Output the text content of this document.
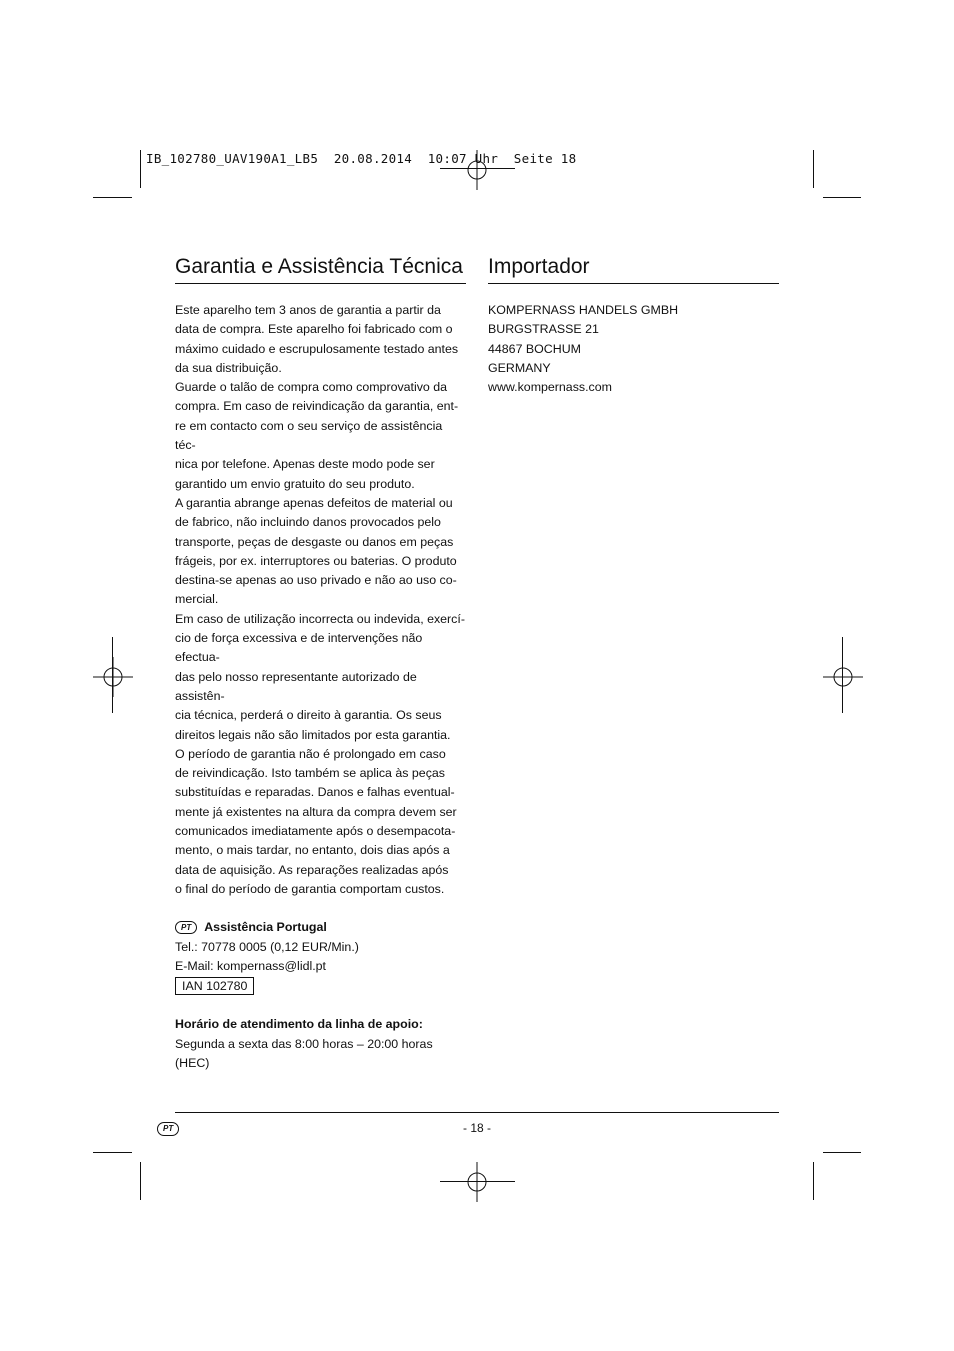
IB_102780_UAV190A1_LB5  20.08.2014  10:07 Uhr  Seite 18
Garantia e Assistência Técnica

Este aparelho tem 3 anos de garantia a partir da

data de compra. Este aparelho foi fabricado com o

máximo cuidado e escrupulosamente testado antes

da sua distribuição.

Guarde o talão de compra como comprovativo da

compra. Em caso de reivindicação da garantia, ent-

re em contacto com o seu serviço de assistência téc-

nica por telefone. Apenas deste modo pode ser

garantido um envio gratuito do seu produto.

A garantia abrange apenas defeitos de material ou

de fabrico, não incluindo danos provocados pelo

transporte, peças de desgaste ou danos em peças

frágeis, por ex. interruptores ou baterias. O produto

destina-se apenas ao uso privado e não ao uso co-

mercial.

Em caso de utilização incorrecta ou indevida, exercí-

cio de força excessiva e de intervenções não efectua-

das pelo nosso representante autorizado de assistên-

cia técnica, perderá o direito à garantia. Os seus

direitos legais não são limitados por esta garantia.

O período de garantia não é prolongado em caso

de reivindicação. Isto também se aplica às peças

substituídas e reparadas. Danos e falhas eventual-

mente já existentes na altura da compra devem ser

comunicados imediatamente após o desempacota-

mento, o mais tardar, no entanto, dois dias após a

data de aquisição. As reparações realizadas após

o final do período de garantia comportam custos.

PT	Assistência Portugal
Tel.: 70778 0005 (0,12 EUR/Min.)
E-Mail: kompernass@lidl.pt
IAN 102780
Horário de atendimento da linha de apoio:
Segunda a sexta das 8:00 horas – 20:00 horas
(HEC)
Importador

KOMPERNASS HANDELS GMBH

BURGSTRASSE 21

44867 BOCHUM

GERMANY

www.kompernass.com

PT	- 18 -
